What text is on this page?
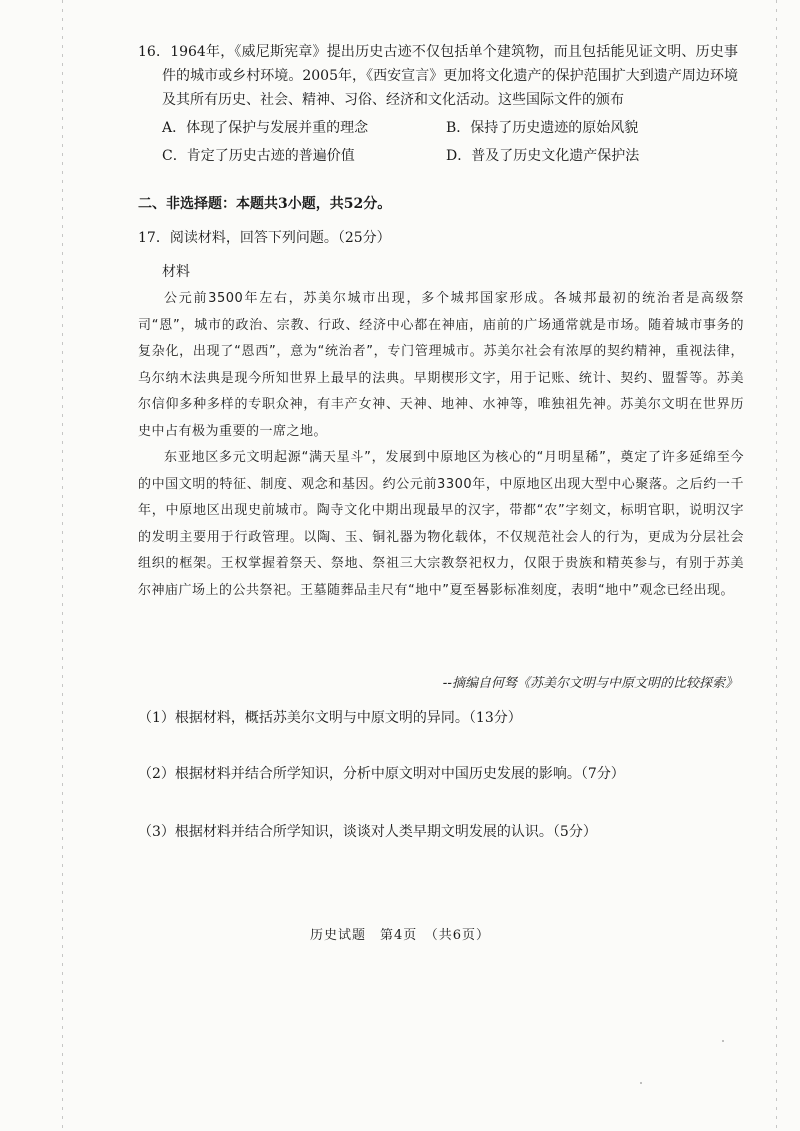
16．1964年，《威尼斯宪章》提出历史古迹不仅包括单个建筑物，而且包括能见证文明、历史事件的城市或乡村环境。2005年，《西安宣言》更加将文化遗产的保护范围扩大到遗产周边环境及其所有历史、社会、精神、习俗、经济和文化活动。这些国际文件的颁布

A．体现了保护与发展并重的理念	B．保持了历史遗迹的原始风貌
C．肯定了历史古迹的普遍价值	D．普及了历史文化遗产保护法
二、非选择题：本题共3小题，共52分。
17．阅读材料，回答下列问题。（25分）
材料

公元前3500年左右，苏美尔城市出现，多个城邦国家形成。各城邦最初的统治者是高级祭司“恩”，城市的政治、宗教、行政、经济中心都在神庙，庙前的广场通常就是市场。随着城市事务的复杂化，出现了“恩西”，意为“统治者”，专门管理城市。苏美尔社会有浓厚的契约精神，重视法律，乌尔纳木法典是现今所知世界上最早的法典。早期楔形文字，用于记账、统计、契约、盟誓等。苏美尔信仰多种多样的专职众神，有丰产女神、天神、地神、水神等，唯独祖先神。苏美尔文明在世界历史中占有极为重要的一席之地。

东亚地区多元文明起源“满天星斗”，发展到中原地区为核心的“月明星稀”，奠定了许多延绵至今的中国文明的特征、制度、观念和基因。约公元前3300年，中原地区出现大型中心聚落。之后约一千年，中原地区出现史前城市。陶寺文化中期出现最早的汉字，带都“农”字刻文，标明官职，说明汉字的发明主要用于行政管理。以陶、玉、铜礼器为物化载体，不仅规范社会人的行为，更成为分层社会组织的框架。王权掌握着祭天、祭地、祭祖三大宗教祭祀权力，仅限于贵族和精英参与，有别于苏美尔神庙广场上的公共祭祀。王墓随葬品圭尺有“地中”夏至晷影标准刻度，表明“地中”观念已经出现。

--摘编自何驽《苏美尔文明与中原文明的比较探索》
（1）根据材料，概括苏美尔文明与中原文明的异同。（13分）
（2）根据材料并结合所学知识，分析中原文明对中国历史发展的影响。（7分）
（3）根据材料并结合所学知识，谈谈对人类早期文明发展的认识。（5分）
历史试题　第4页　（共6页）
